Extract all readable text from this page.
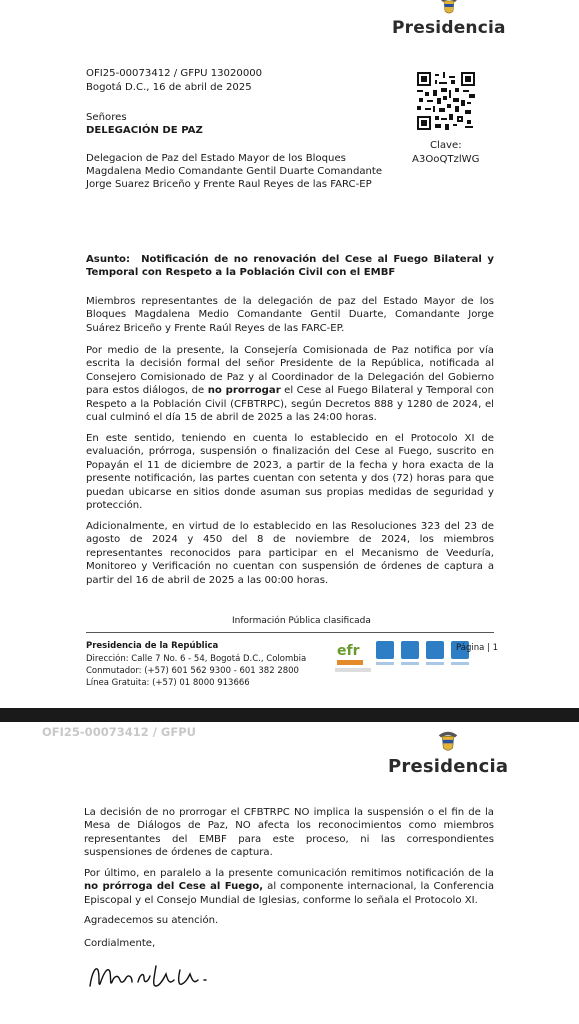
Presidencia
OFI25-00073412 / GFPU 13020000
Bogotá D.C., 16 de abril de 2025
Señores
DELEGACIÓN DE PAZ
Delegacion de Paz del Estado Mayor de los Bloques
Magdalena Medio Comandante Gentil Duarte Comandante
Jorge Suarez Briceño y Frente Raul Reyes de las FARC-EP
Clave:
A3OoQTzlWG
Asunto: Notificación de no renovación del Cese al Fuego Bilateral y Temporal con Respeto a la Población Civil con el EMBF
Miembros representantes de la delegación de paz del Estado Mayor de los Bloques Magdalena Medio Comandante Gentil Duarte, Comandante Jorge Suárez Briceño y Frente Raúl Reyes de las FARC-EP.
Por medio de la presente, la Consejería Comisionada de Paz notifica por vía escrita la decisión formal del señor Presidente de la República, notificada al Consejero Comisionado de Paz y al Coordinador de la Delegación del Gobierno para estos diálogos, de no prorrogar el Cese al Fuego Bilateral y Temporal con Respeto a la Población Civil (CFBTRPC), según Decretos 888 y 1280 de 2024, el cual culminó el día 15 de abril de 2025 a las 24:00 horas.
En este sentido, teniendo en cuenta lo establecido en el Protocolo XI de evaluación, prórroga, suspensión o finalización del Cese al Fuego, suscrito en Popayán el 11 de diciembre de 2023, a partir de la fecha y hora exacta de la presente notificación, las partes cuentan con setenta y dos (72) horas para que puedan ubicarse en sitios donde asuman sus propias medidas de seguridad y protección.
Adicionalmente, en virtud de lo establecido en las Resoluciones 323 del 23 de agosto de 2024 y 450 del 8 de noviembre de 2024, los miembros representantes reconocidos para participar en el Mecanismo de Veeduría, Monitoreo y Verificación no cuentan con suspensión de órdenes de captura a partir del 16 de abril de 2025 a las 00:00 horas.
Información Pública clasificada
Presidencia de la República
Dirección: Calle 7 No. 6 - 54, Bogotá D.C., Colombia
Conmutador: (+57) 601 562 9300 - 601 382 2800
Línea Gratuita: (+57) 01 8000 913666
efr	Página | 1
OFI25-00073412 / GFPU
Presidencia
La decisión de no prorrogar el CFBTRPC NO implica la suspensión o el fin de la Mesa de Diálogos de Paz, NO afecta los reconocimientos como miembros representantes del EMBF para este proceso, ni las correspondientes suspensiones de órdenes de captura.
Por último, en paralelo a la presente comunicación remitimos notificación de la no prórroga del Cese al Fuego, al componente internacional, la Conferencia Episcopal y el Consejo Mundial de Iglesias, conforme lo señala el Protocolo XI.
Agradecemos su atención.
Cordialmente,
